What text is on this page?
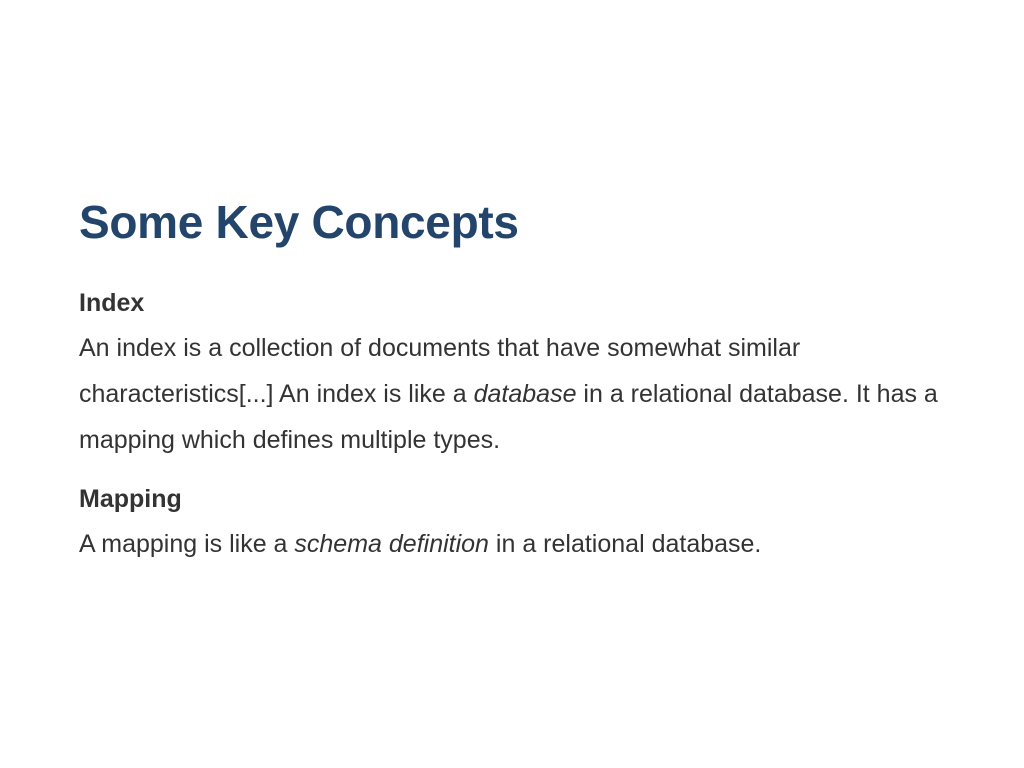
Some Key Concepts

Index

An index is a collection of documents that have somewhat similar characteristics[...] An index is like a database in a relational database. It has a mapping which defines multiple types.

Mapping

A mapping is like a schema definition in a relational database.
